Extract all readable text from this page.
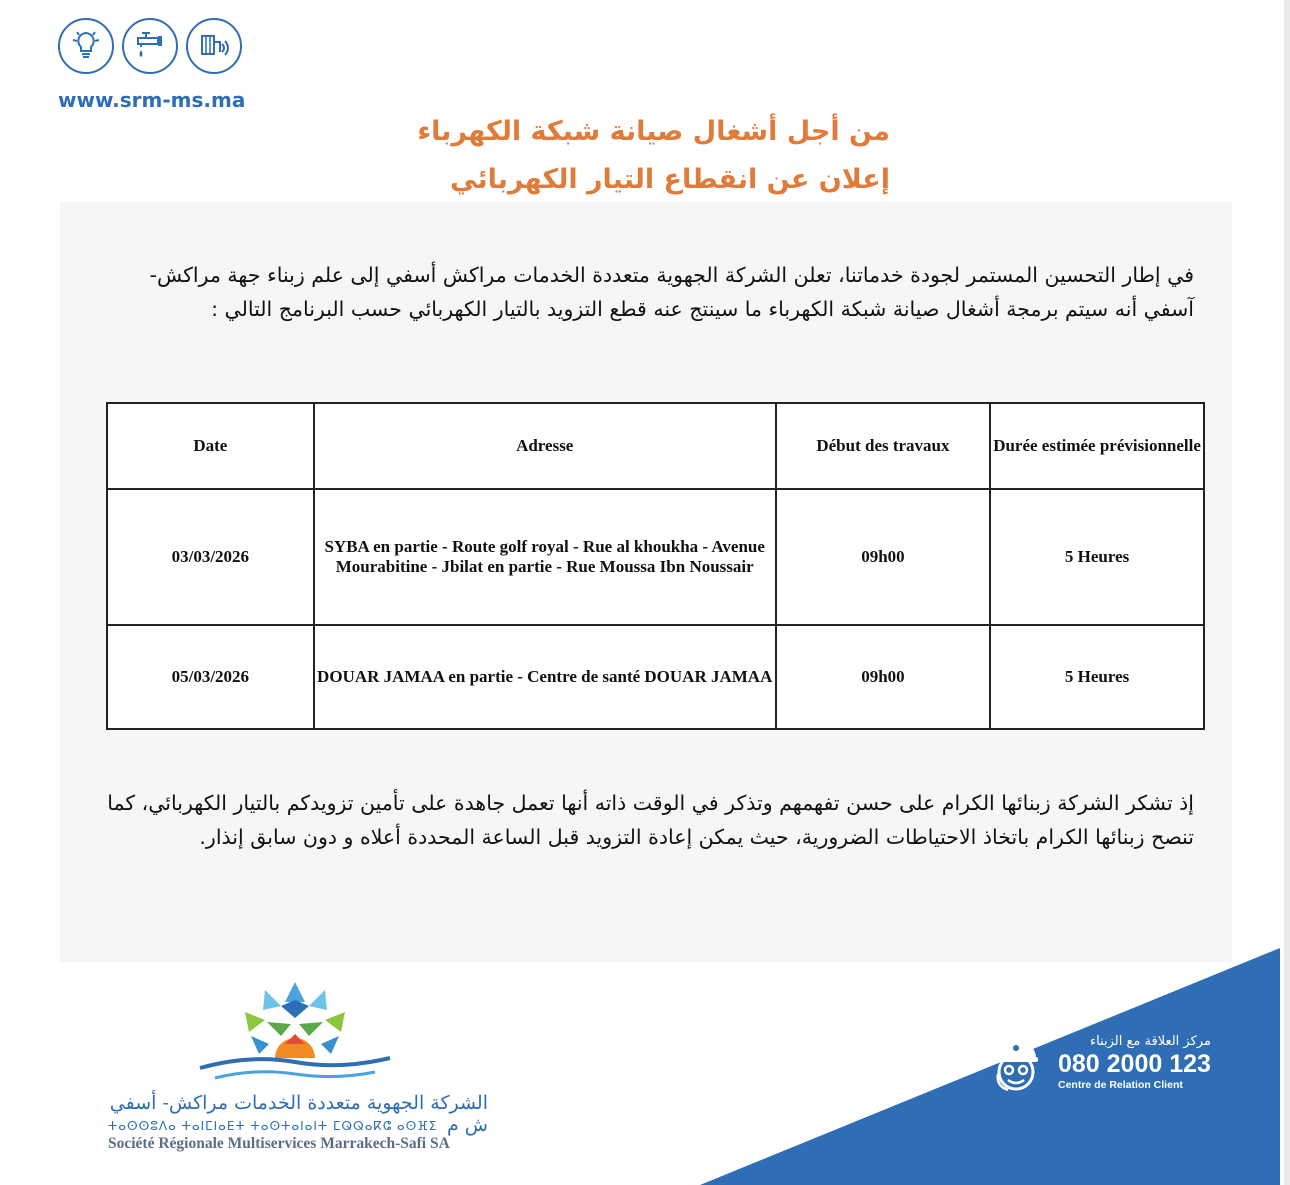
www.srm-ms.ma
من أجل أشغال صيانة شبكة الكهرباء
إعلان عن انقطاع التيار الكهربائي
في إطار التحسين المستمر لجودة خدماتنا، تعلن الشركة الجهوية متعددة الخدمات مراكش أسفي إلى علم زبناء جهة مراكش- آسفي أنه سيتم برمجة أشغال صيانة شبكة الكهرباء ما سينتج عنه قطع التزويد بالتيار الكهربائي حسب البرنامج التالي :
Date	Adresse	Début des travaux	Durée estimée prévisionnelle
03/03/2026	SYBA en partie - Route golf royal - Rue al khoukha - Avenue Mourabitine - Jbilat en partie - Rue Moussa Ibn Noussair	09h00	5 Heures
05/03/2026	DOUAR JAMAA en partie - Centre de santé DOUAR JAMAA	09h00	5 Heures
إذ تشكر الشركة زبنائها الكرام على حسن تفهمهم وتذكر في الوقت ذاته أنها تعمل جاهدة على تأمين تزويدكم بالتيار الكهربائي، كما تنصح زبنائها الكرام باتخاذ الاحتياطات الضرورية، حيث يمكن إعادة التزويد قبل الساعة المحددة أعلاه و دون سابق إنذار.
الشركة الجهوية متعددة الخدمات مراكش- أسفي ش م
ⵜⴰⵙⵙⵓⴷⴰ ⵜⴰⵏⵎⵏⴰⴹⵜ ⵜⴰⵙⵜⴰⵏⴰⵏⵜ ⵎⵕⵕⴰⴽⵛ ⴰⵙⴼⵉ
Société Régionale Multiservices Marrakech-Safi SA
مركز العلاقة مع الزبناء
080 2000 123
Centre de Relation Client
